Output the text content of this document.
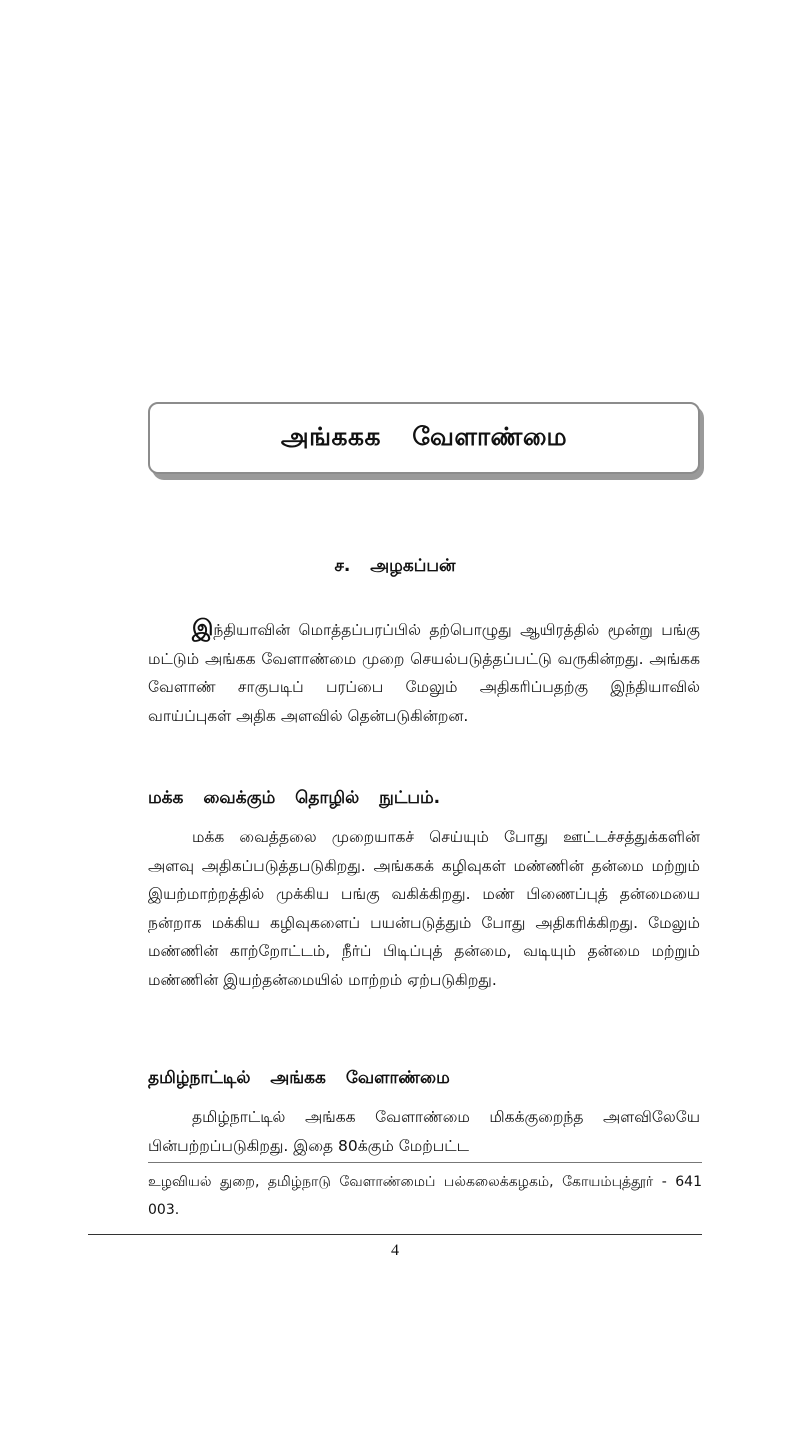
அங்ககக வேளாண்மை
ச. அழகப்பன்

இந்தியாவின் மொத்தப்பரப்பில் தற்பொழுது ஆயிரத்தில் மூன்று பங்கு மட்டும் அங்கக வேளாண்மை முறை செயல்படுத்தப்பட்டு வருகின்றது. அங்கக வேளாண் சாகுபடிப் பரப்பை மேலும் அதிகரிப்பதற்கு இந்தியாவில் வாய்ப்புகள் அதிக அளவில் தென்படுகின்றன.

மக்க வைக்கும் தொழில் நுட்பம்.

மக்க வைத்தலை முறையாகச் செய்யும் போது ஊட்டச்சத்துக்களின் அளவு அதிகப்படுத்தபடுகிறது. அங்ககக் கழிவுகள் மண்ணின் தன்மை மற்றும் இயற்மாற்றத்தில் முக்கிய பங்கு வகிக்கிறது. மண் பிணைப்புத் தன்மையை நன்றாக மக்கிய கழிவுகளைப் பயன்படுத்தும் போது அதிகரிக்கிறது. மேலும் மண்ணின் காற்றோட்டம், நீர்ப் பிடிப்புத் தன்மை, வடியும் தன்மை மற்றும் மண்ணின் இயற்தன்மையில் மாற்றம் ஏற்படுகிறது.

தமிழ்நாட்டில் அங்கக வேளாண்மை

தமிழ்நாட்டில் அங்கக வேளாண்மை மிகக்குறைந்த அளவிலேயே பின்பற்றப்படுகிறது. இதை 80க்கும் மேற்பட்ட

உழவியல் துறை, தமிழ்நாடு வேளாண்மைப் பல்கலைக்கழகம், கோயம்புத்தூர் - 641 003.

4
